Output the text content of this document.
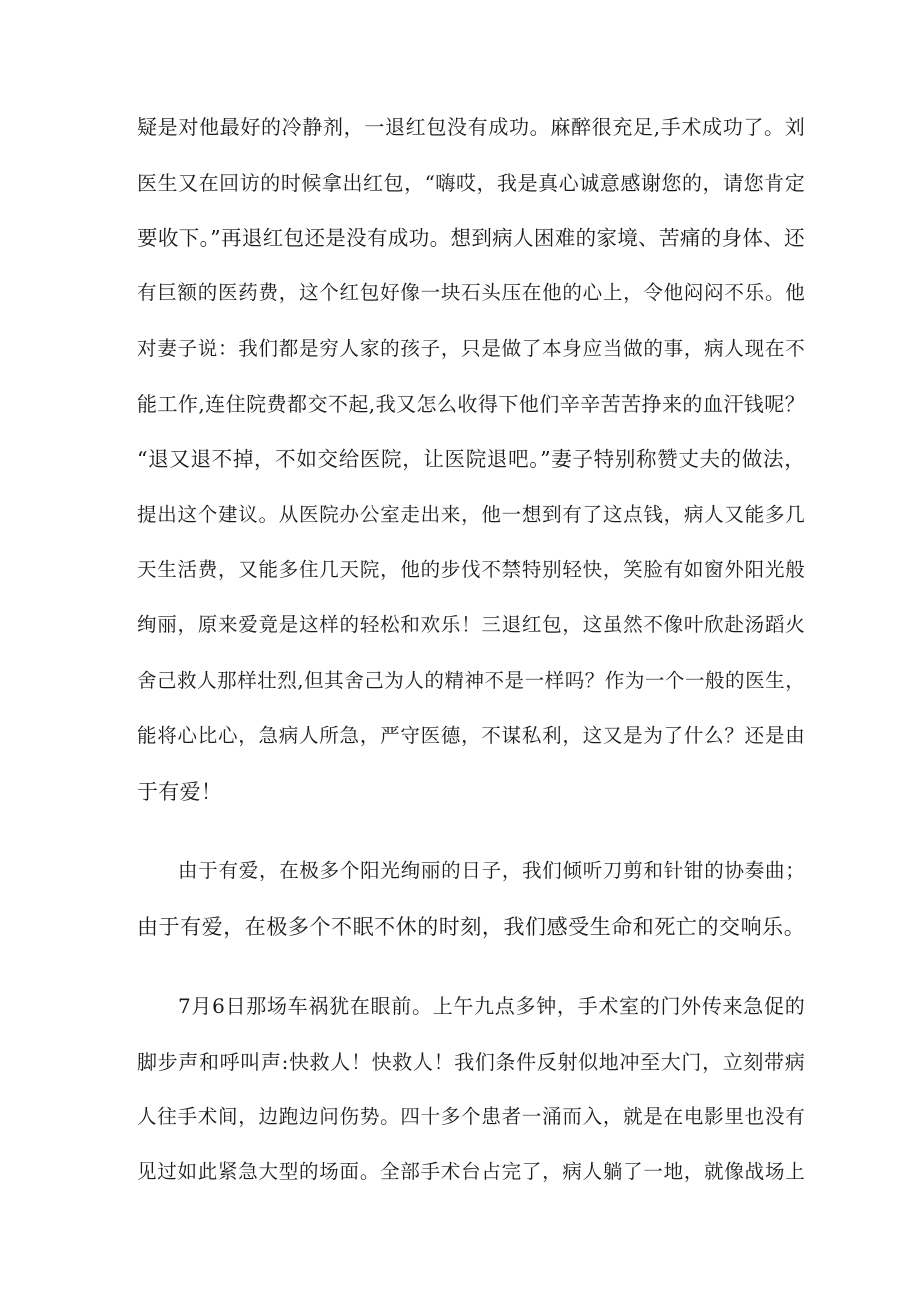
疑是对他最好的冷静剂，一退红包没有成功。麻醉很充足,手术成功了。刘
医生又在回访的时候拿出红包，“嗨哎，我是真心诚意感谢您的，请您肯定
要收下。”再退红包还是没有成功。想到病人困难的家境、苦痛的身体、还
有巨额的医药费，这个红包好像一块石头压在他的心上，令他闷闷不乐。他
对妻子说：我们都是穷人家的孩子，只是做了本身应当做的事，病人现在不
能工作,连住院费都交不起,我又怎么收得下他们辛辛苦苦挣来的血汗钱呢？
“退又退不掉，不如交给医院，让医院退吧。”妻子特别称赞丈夫的做法，
提出这个建议。从医院办公室走出来，他一想到有了这点钱，病人又能多几
天生活费，又能多住几天院，他的步伐不禁特别轻快，笑脸有如窗外阳光般
绚丽，原来爱竟是这样的轻松和欢乐！三退红包，这虽然不像叶欣赴汤蹈火
舍己救人那样壮烈,但其舍己为人的精神不是一样吗？作为一个一般的医生，
能将心比心，急病人所急，严守医德，不谋私利，这又是为了什么？还是由
于有爱！
由于有爱，在极多个阳光绚丽的日子，我们倾听刀剪和针钳的协奏曲；
由于有爱，在极多个不眠不休的时刻，我们感受生命和死亡的交响乐。
7月6日那场车祸犹在眼前。上午九点多钟，手术室的门外传来急促的
脚步声和呼叫声:快救人！快救人！我们条件反射似地冲至大门，立刻带病
人往手术间，边跑边问伤势。四十多个患者一涌而入，就是在电影里也没有
见过如此紧急大型的场面。全部手术台占完了，病人躺了一地，就像战场上
